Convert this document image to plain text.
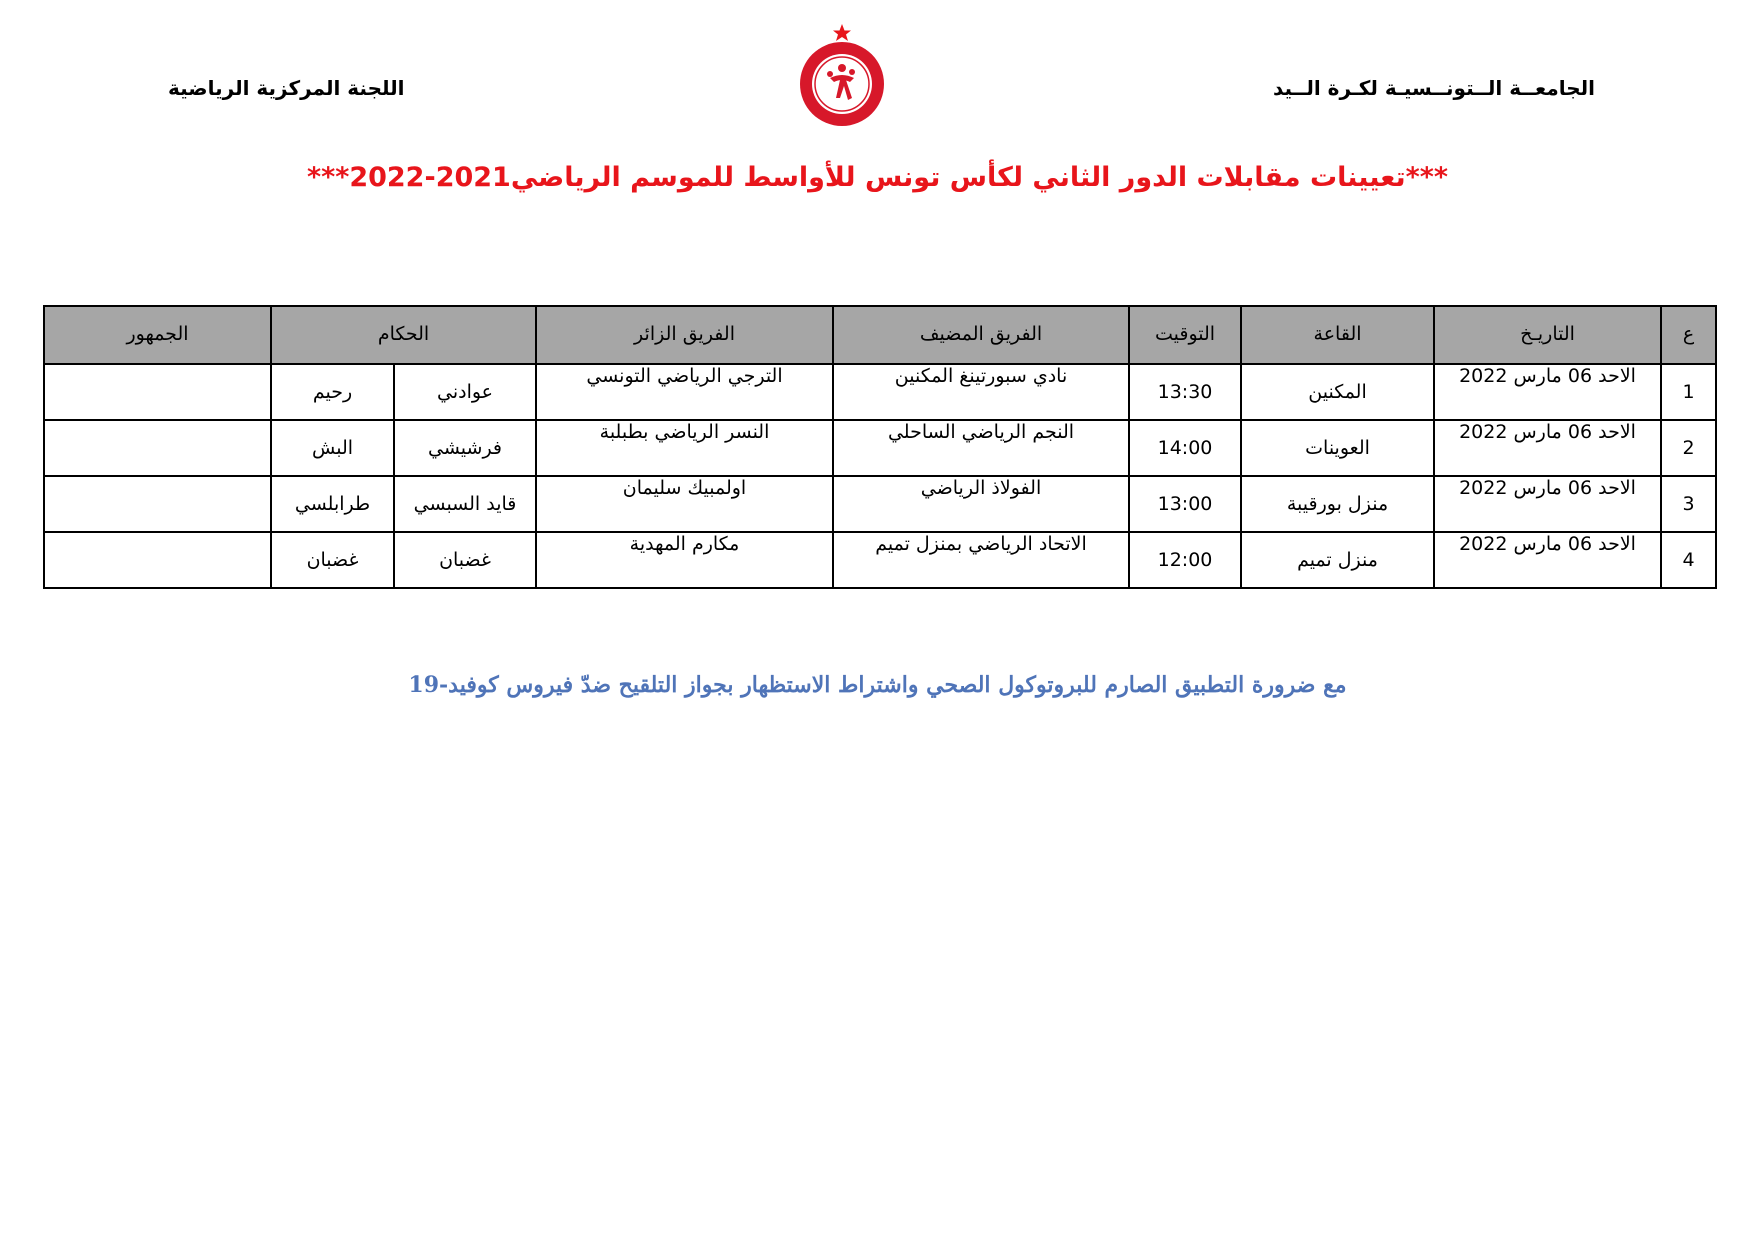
الجامعــة الــتونــسيـة لكـرة الــيد
اللجنة المركزية الرياضية
***تعيينات مقابلات الدور الثاني لكأس تونس للأواسط للموسم الرياضي2021-2022***
ع	التاريـخ	القاعة	التوقيت	الفريق المضيف	الفريق الزائر	الحكام		الجمهور
1	الاحد 06 مارس 2022	المكنين	13:30	نادي سبورتينغ المكنين	الترجي الرياضي التونسي	عوادني	رحيم	
2	الاحد 06 مارس 2022	العوينات	14:00	النجم الرياضي الساحلي	النسر الرياضي بطبلبة	فرشيشي	البش	
3	الاحد 06 مارس 2022	منزل بورقيبة	13:00	الفولاذ الرياضي	اولمبيك سليمان	قايد السبسي	طرابلسي	
4	الاحد 06 مارس 2022	منزل تميم	12:00	الاتحاد الرياضي بمنزل تميم	مكارم المهدية	غضبان	غضبان	
مع ضرورة التطبيق الصارم للبروتوكول الصحي واشتراط الاستظهار بجواز التلقيح ضدّ فيروس كوفيد-19
